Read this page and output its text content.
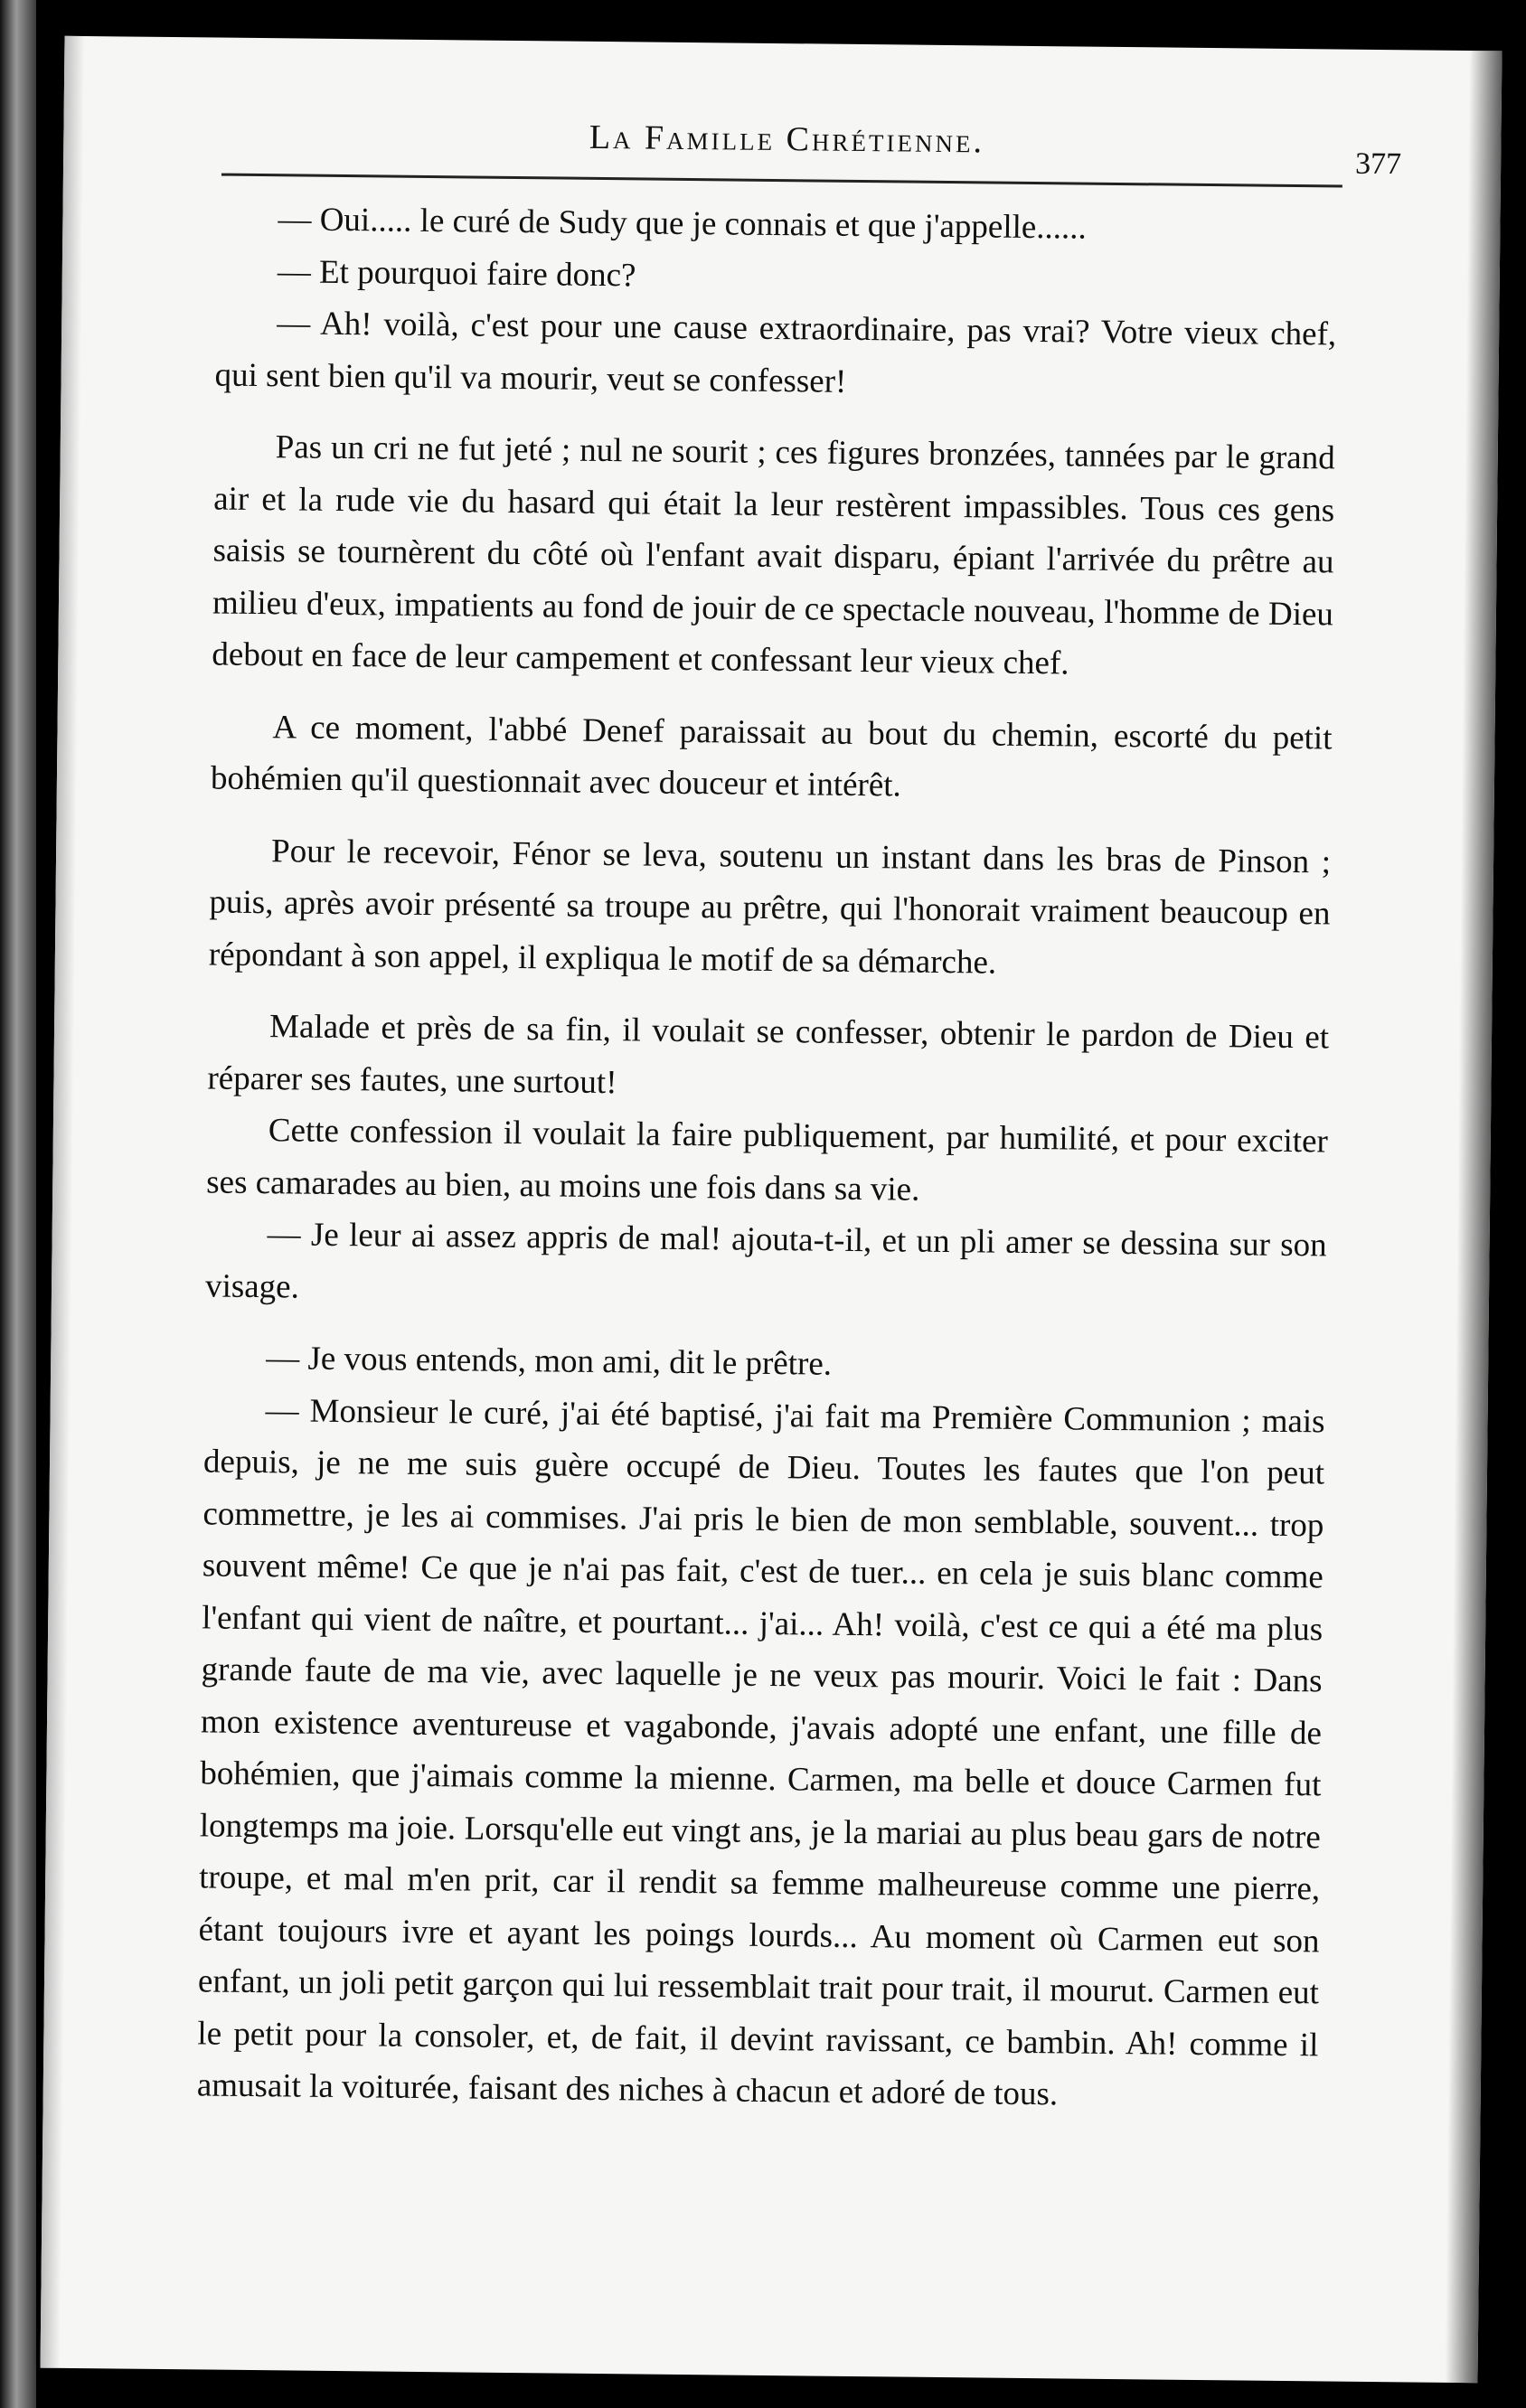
La Famille Chrétienne.
377

— Oui..... le curé de Sudy que je connais et que j'appelle......

— Et pourquoi faire donc?

— Ah! voilà, c'est pour une cause extraordinaire, pas vrai? Votre vieux chef, qui sent bien qu'il va mourir, veut se confesser!

Pas un cri ne fut jeté ; nul ne sourit ; ces figures bronzées, tannées par le grand air et la rude vie du hasard qui était la leur restèrent impassibles. Tous ces gens saisis se tournèrent du côté où l'enfant avait disparu, épiant l'arrivée du prêtre au milieu d'eux, impatients au fond de jouir de ce spectacle nouveau, l'homme de Dieu debout en face de leur campement et confessant leur vieux chef.

A ce moment, l'abbé Denef paraissait au bout du chemin, escorté du petit bohémien qu'il questionnait avec douceur et intérêt.

Pour le recevoir, Fénor se leva, soutenu un instant dans les bras de Pinson ; puis, après avoir présenté sa troupe au prêtre, qui l'honorait vraiment beaucoup en répondant à son appel, il expliqua le motif de sa démarche.

Malade et près de sa fin, il voulait se confesser, obtenir le pardon de Dieu et réparer ses fautes, une surtout!

Cette confession il voulait la faire publiquement, par humilité, et pour exciter ses camarades au bien, au moins une fois dans sa vie.

— Je leur ai assez appris de mal! ajouta-t-il, et un pli amer se dessina sur son visage.

— Je vous entends, mon ami, dit le prêtre.

— Monsieur le curé, j'ai été baptisé, j'ai fait ma Première Communion ; mais depuis, je ne me suis guère occupé de Dieu. Toutes les fautes que l'on peut commettre, je les ai commises. J'ai pris le bien de mon semblable, souvent... trop souvent même! Ce que je n'ai pas fait, c'est de tuer... en cela je suis blanc comme l'enfant qui vient de naître, et pourtant... j'ai... Ah! voilà, c'est ce qui a été ma plus grande faute de ma vie, avec laquelle je ne veux pas mourir. Voici le fait : Dans mon existence aventureuse et vagabonde, j'avais adopté une enfant, une fille de bohémien, que j'aimais comme la mienne. Carmen, ma belle et douce Carmen fut longtemps ma joie. Lorsqu'elle eut vingt ans, je la mariai au plus beau gars de notre troupe, et mal m'en prit, car il rendit sa femme malheureuse comme une pierre, étant toujours ivre et ayant les poings lourds... Au moment où Carmen eut son enfant, un joli petit garçon qui lui ressemblait trait pour trait, il mourut. Carmen eut le petit pour la consoler, et, de fait, il devint ravissant, ce bambin. Ah! comme il amusait la voiturée, faisant des niches à chacun et adoré de tous.
